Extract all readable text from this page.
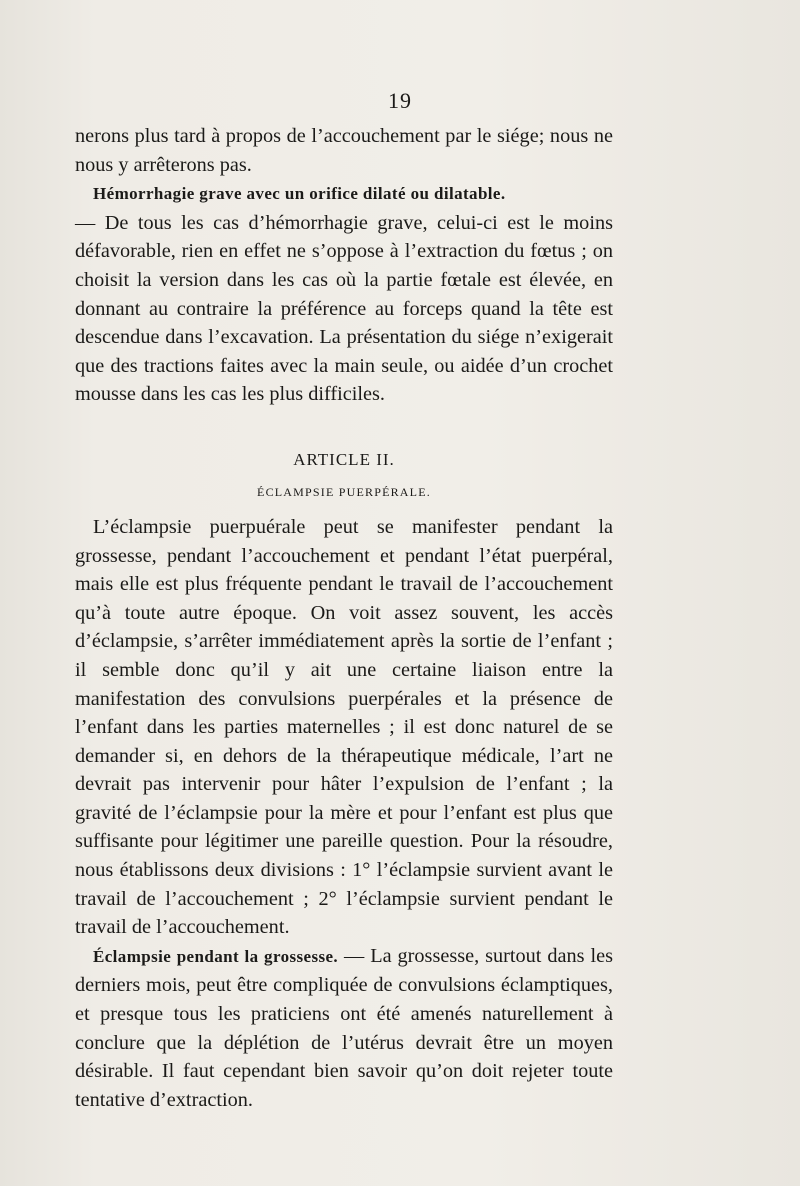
19

nerons plus tard à propos de l’accouchement par le siége; nous ne nous y arrêterons pas.

Hémorrhagie grave avec un orifice dilaté ou dilatable.
— De tous les cas d’hémorrhagie grave, celui-ci est le moins défavorable, rien en effet ne s’oppose à l’extraction du fœtus ; on choisit la version dans les cas où la partie fœtale est élevée, en donnant au contraire la préférence au forceps quand la tête est descendue dans l’excavation. La présentation du siége n’exigerait que des tractions faites avec la main seule, ou aidée d’un crochet mousse dans les cas les plus difficiles.

ARTICLE II.
ÉCLAMPSIE PUERPÉRALE.

L’éclampsie puerpuérale peut se manifester pendant la grossesse, pendant l’accouchement et pendant l’état puerpéral, mais elle est plus fréquente pendant le travail de l’accouchement qu’à toute autre époque. On voit assez souvent, les accès d’éclampsie, s’arrêter immédiatement après la sortie de l’enfant ; il semble donc qu’il y ait une certaine liaison entre la manifestation des convulsions puerpérales et la présence de l’enfant dans les parties maternelles ; il est donc naturel de se demander si, en dehors de la thérapeutique médicale, l’art ne devrait pas intervenir pour hâter l’expulsion de l’enfant ; la gravité de l’éclampsie pour la mère et pour l’enfant est plus que suffisante pour légitimer une pareille question. Pour la résoudre, nous établissons deux divisions : 1° l’éclampsie survient avant le travail de l’accouchement ; 2° l’éclampsie survient pendant le travail de l’accouchement.

Éclampsie pendant la grossesse. — La grossesse, surtout dans les derniers mois, peut être compliquée de convulsions éclamptiques, et presque tous les praticiens ont été amenés naturellement à conclure que la déplétion de l’utérus devrait être un moyen désirable. Il faut cependant bien savoir qu’on doit rejeter toute tentative d’extraction.
